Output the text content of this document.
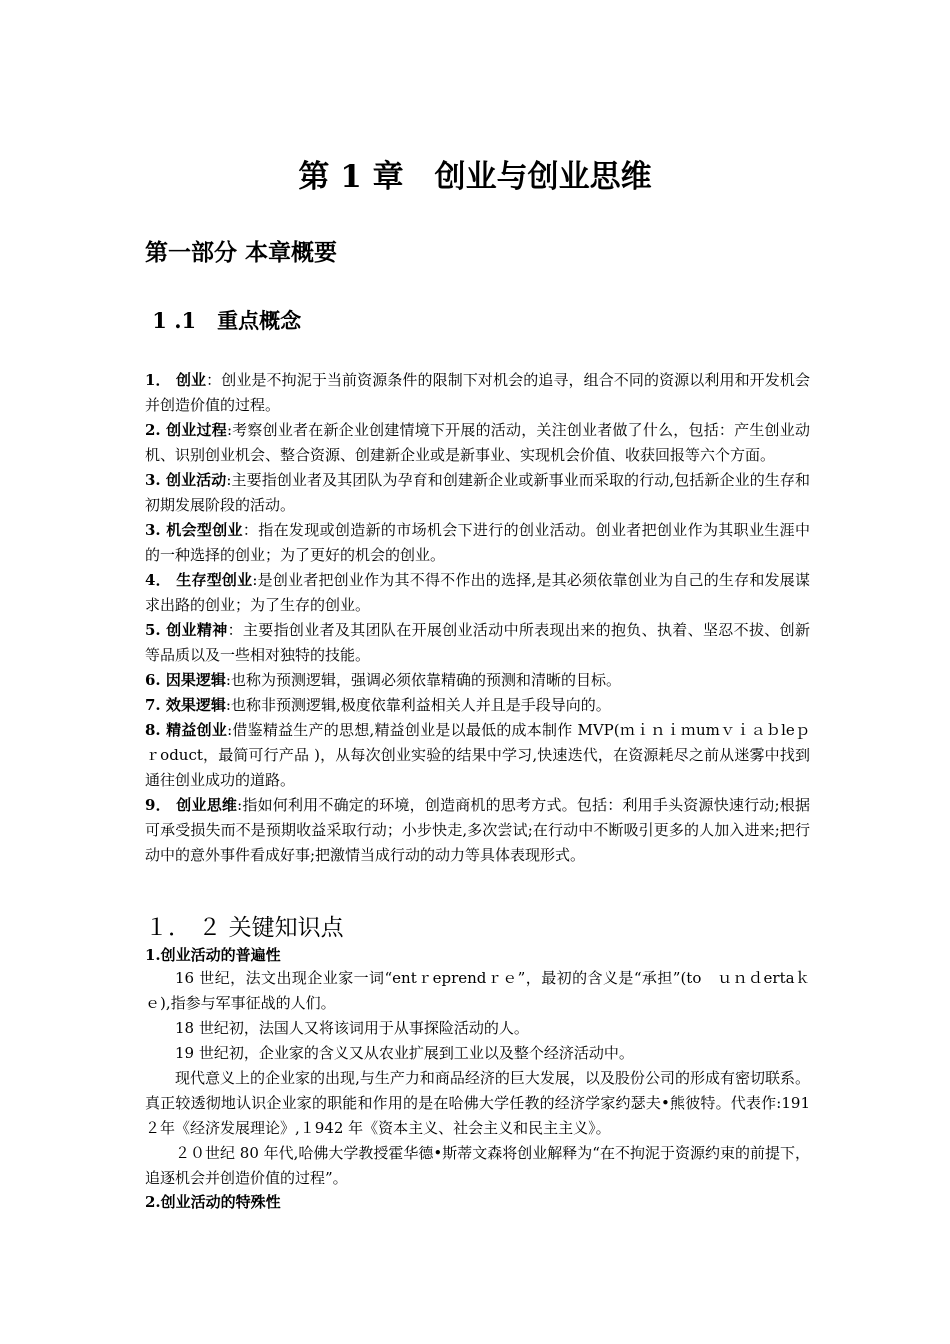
第 1 章　创业与创业思维
第一部分 本章概要
1 .1　重点概念

1． 创业：创业是不拘泥于当前资源条件的限制下对机会的追寻，组合不同的资源以利用和开发机会并创造价值的过程。

2. 创业过程:考察创业者在新企业创建情境下开展的活动，关注创业者做了什么，包括：产生创业动机、识别创业机会、整合资源、创建新企业或是新事业、实现机会价值、收获回报等六个方面。

3. 创业活动:主要指创业者及其团队为孕育和创建新企业或新事业而采取的行动,包括新企业的生存和初期发展阶段的活动。

3. 机会型创业：指在发现或创造新的市场机会下进行的创业活动。创业者把创业作为其职业生涯中的一种选择的创业；为了更好的机会的创业。

4． 生存型创业:是创业者把创业作为其不得不作出的选择,是其必须依靠创业为自己的生存和发展谋求出路的创业；为了生存的创业。

5. 创业精神：主要指创业者及其团队在开展创业活动中所表现出来的抱负、执着、坚忍不拔、创新等品质以及一些相对独特的技能。

6. 因果逻辑:也称为预测逻辑，强调必须依靠精确的预测和清晰的目标。

7. 效果逻辑:也称非预测逻辑,极度依靠利益相关人并且是手段导向的。

8. 精益创业:借鉴精益生产的思想,精益创业是以最低的成本制作 MVP(ｍｉｎｉｍumｖｉａｂleｐｒoduct，最简可行产品 )，从每次创业实验的结果中学习,快速迭代，在资源耗尽之前从迷雾中找到通往创业成功的道路。

9． 创业思维:指如何利用不确定的环境，创造商机的思考方式。包括：利用手头资源快速行动;根据可承受损失而不是预期收益采取行动；小步快走,多次尝试;在行动中不断吸引更多的人加入进来;把行动中的意外事件看成好事;把激情当成行动的动力等具体表现形式。

１． ２ 关键知识点

1.创业活动的普遍性

16 世纪，法文出现企业家一词“entｒeprendｒｅ”，最初的含义是“承担”(to　ｕｎｄertaｋｅ),指参与军事征战的人们。

18 世纪初，法国人又将该词用于从事探险活动的人。

19 世纪初，企业家的含义又从农业扩展到工业以及整个经济活动中。

现代意义上的企业家的出现,与生产力和商品经济的巨大发展，以及股份公司的形成有密切联系。真正较透彻地认识企业家的职能和作用的是在哈佛大学任教的经济学家约瑟夫•熊彼特。代表作:191２年《经济发展理论》,１942 年《资本主义、社会主义和民主主义》。

２０世纪 80 年代,哈佛大学教授霍华德•斯蒂文森将创业解释为“在不拘泥于资源约束的前提下，追逐机会并创造价值的过程”。

2.创业活动的特殊性
